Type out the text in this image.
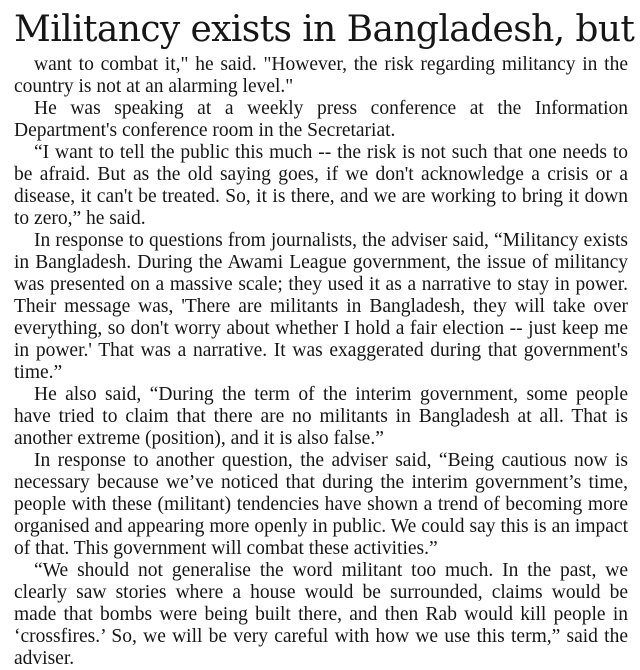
Militancy exists in Bangladesh, but

want to combat it," he said. "However, the risk regarding militancy in the country is not at an alarming level."

He was speaking at a weekly press conference at the Information Department's conference room in the Secretariat.

“I want to tell the public this much -- the risk is not such that one needs to be afraid. But as the old saying goes, if we don't acknowledge a crisis or a disease, it can't be treated. So, it is there, and we are working to bring it down to zero,” he said.

In response to questions from journalists, the adviser said, “Militancy exists in Bangladesh. During the Awami League government, the issue of militancy was presented on a massive scale; they used it as a narrative to stay in power. Their message was, 'There are militants in Bangladesh, they will take over everything, so don't worry about whether I hold a fair election -- just keep me in power.' That was a narrative. It was exaggerated during that government's time.”

He also said, “During the term of the interim government, some people have tried to claim that there are no militants in Bangladesh at all. That is another extreme (position), and it is also false.”

In response to another question, the adviser said, “Being cautious now is necessary because we’ve noticed that during the interim government’s time, people with these (militant) tendencies have shown a trend of becoming more organised and appearing more openly in public. We could say this is an impact of that. This government will combat these activities.”

“We should not generalise the word militant too much. In the past, we clearly saw stories where a house would be surrounded, claims would be made that bombs were being built there, and then Rab would kill people in ‘crossfires.’ So, we will be very careful with how we use this term,” said the adviser.
